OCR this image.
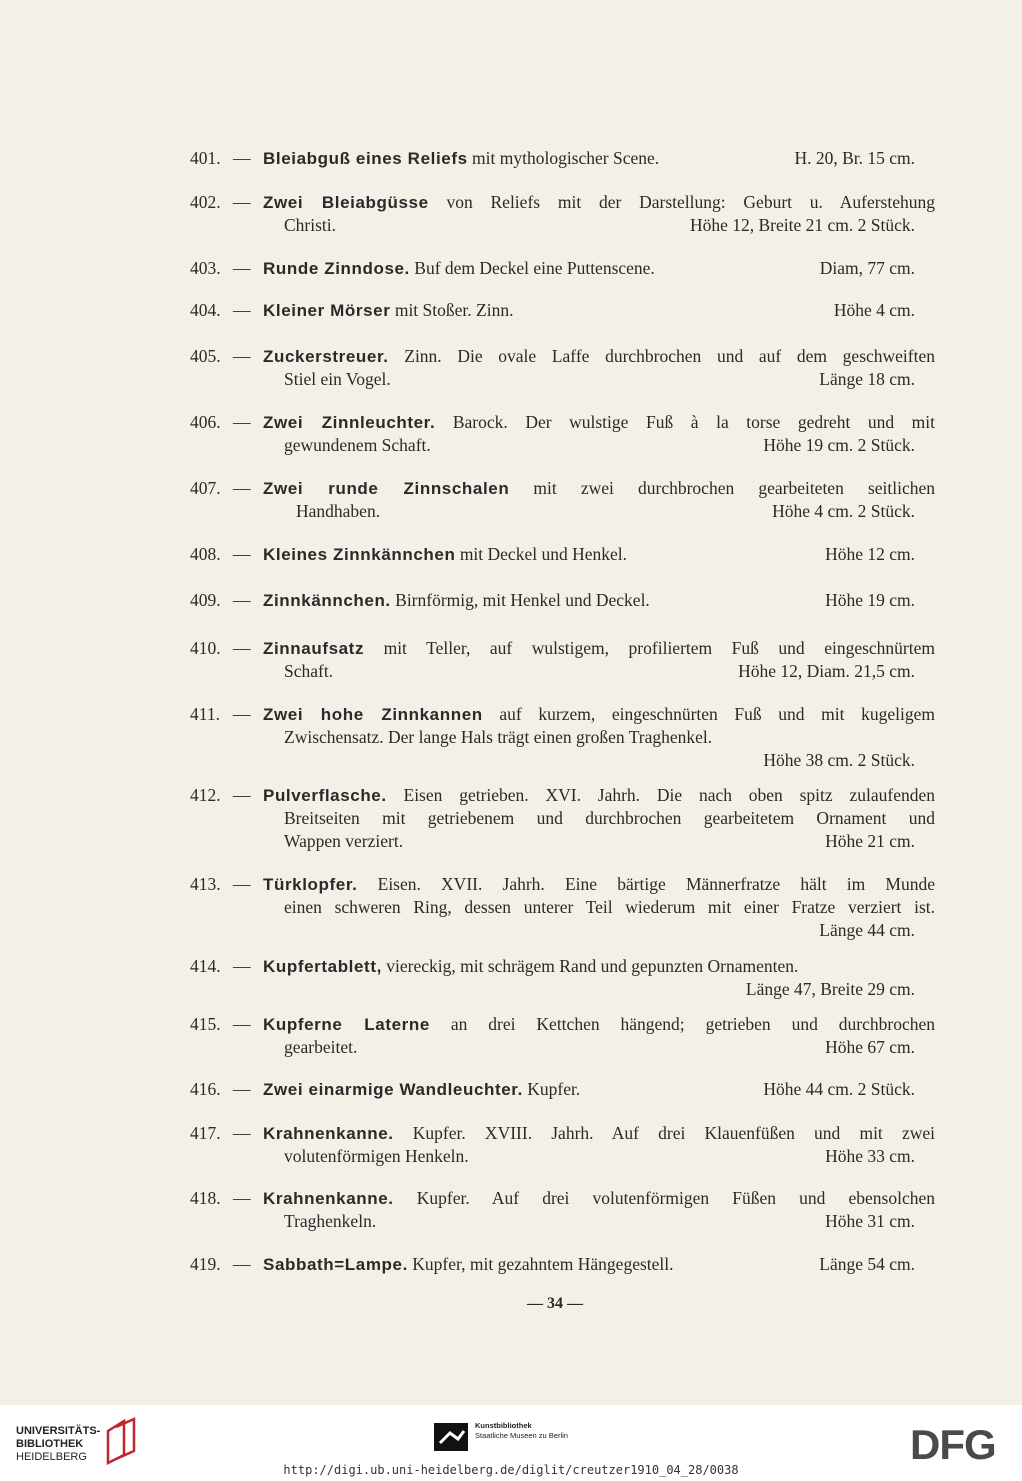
401. — Bleiabguß eines Reliefs mit mythologischer Scene.	H. 20, Br. 15 cm.
402. — Zwei Bleiabgüsse von Reliefs mit der Darstellung: Geburt u. Auferstehung
Christi.	Höhe 12, Breite 21 cm. 2 Stück.
403. — Runde Zinndose. Buf dem Deckel eine Puttenscene.	Diam, 77 cm.
404. — Kleiner Mörser mit Stoßer. Zinn.	Höhe 4 cm.
405. — Zuckerstreuer. Zinn. Die ovale Laffe durchbrochen und auf dem geschweiften
Stiel ein Vogel.	Länge 18 cm.
406. — Zwei Zinnleuchter. Barock. Der wulstige Fuß à la torse gedreht und mit
gewundenem Schaft.	Höhe 19 cm. 2 Stück.
407. — Zwei runde Zinnschalen mit zwei durchbrochen gearbeiteten seitlichen
Handhaben.	Höhe 4 cm. 2 Stück.
408. — Kleines Zinnkännchen mit Deckel und Henkel.	Höhe 12 cm.
409. — Zinnkännchen. Birnförmig, mit Henkel und Deckel.	Höhe 19 cm.
410. — Zinnaufsatz mit Teller, auf wulstigem, profiliertem Fuß und eingeschnürtem
Schaft.	Höhe 12, Diam. 21,5 cm.
411. — Zwei hohe Zinnkannen auf kurzem, eingeschnürten Fuß und mit kugeligem
Zwischensatz. Der lange Hals trägt einen großen Traghenkel.
Höhe 38 cm. 2 Stück.
412. — Pulverflasche. Eisen getrieben. XVI. Jahrh. Die nach oben spitz zulaufenden
Breitseiten mit getriebenem und durchbrochen gearbeitetem Ornament und
Wappen verziert.	Höhe 21 cm.
413. — Türklopfer. Eisen. XVII. Jahrh. Eine bärtige Männerfratze hält im Munde
einen schweren Ring, dessen unterer Teil wiederum mit einer Fratze verziert ist.
Länge 44 cm.
414. — Kupfertablett, viereckig, mit schrägem Rand und gepunzten Ornamenten.
Länge 47, Breite 29 cm.
415. — Kupferne Laterne an drei Kettchen hängend; getrieben und durchbrochen
gearbeitet.	Höhe 67 cm.
416. — Zwei einarmige Wandleuchter. Kupfer.	Höhe 44 cm. 2 Stück.
417. — Krahnenkanne. Kupfer. XVIII. Jahrh. Auf drei Klauenfüßen und mit zwei
volutenförmigen Henkeln.	Höhe 33 cm.
418. — Krahnenkanne. Kupfer. Auf drei volutenförmigen Füßen und ebensolchen
Traghenkeln.	Höhe 31 cm.
419. — Sabbath=Lampe. Kupfer, mit gezahntem Hängegestell.	Länge 54 cm.
— 34 —
UNIVERSITÄTS-
BIBLIOTHEK
HEIDELBERG
Kunstbibliothek
Staatliche Museen zu Berlin	DFG
http://digi.ub.uni-heidelberg.de/diglit/creutzer1910_04_28/0038
